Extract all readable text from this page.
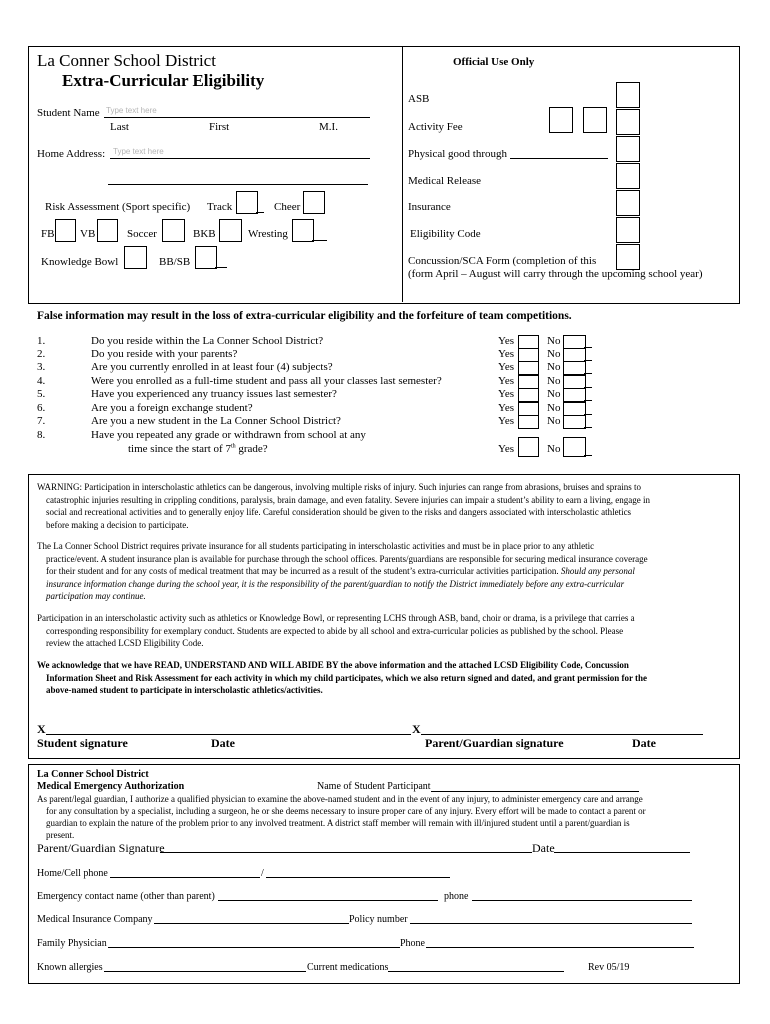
La Conner School District
Extra-Curricular Eligibility
Student Name Type text here
Last	First	M.I.
Home Address: Type text here
Risk Assessment (Sport specific) Track	Cheer
FB VB	Soccer	BKB	Wresting
Knowledge Bowl	BB/SB
Official Use Only
ASB
Activity Fee
Physical good through
Medical Release
Insurance
Eligibility Code
Concussion/SCA Form (completion of this
(form April – August will carry through the upcoming school year)
False information may result in the loss of extra-curricular eligibility and the forfeiture of team competitions.
1.	Do you reside within the La Conner School District?	Yes	No
2.	Do you reside with your parents?	Yes	No
3.	Are you currently enrolled in at least four (4) subjects?	Yes	No
4.	Were you enrolled as a full-time student and pass all your classes last semester?	Yes	No
5.	Have you experienced any truancy issues last semester?	Yes	No
6.	Are you a foreign exchange student?	Yes	No
7.	Are you a new student in the La Conner School District?	Yes	No
8.	Have you repeated any grade or withdrawn from school at any
time since the start of 7th grade?	Yes	No
WARNING: Participation in interscholastic athletics can be dangerous, involving multiple risks of injury. Such injuries can range from abrasions, bruises and sprains to
catastrophic injuries resulting in crippling conditions, paralysis, brain damage, and even fatality. Severe injuries can impair a student’s ability to earn a living, engage in
social and recreational activities and to generally enjoy life. Careful consideration should be given to the risks and dangers associated with interscholastic athletics
before making a decision to participate.
The La Conner School District requires private insurance for all students participating in interscholastic activities and must be in place prior to any athletic
practice/event. A student insurance plan is available for purchase through the school offices. Parents/guardians are responsible for securing medical insurance coverage
for their student and for any costs of medical treatment that may be incurred as a result of the student’s extra-curricular activities participation. Should any personal
insurance information change during the school year, it is the responsibility of the parent/guardian to notify the District immediately before any extra-curricular
participation may continue.
Participation in an interscholastic activity such as athletics or Knowledge Bowl, or representing LCHS through ASB, band, choir or drama, is a privilege that carries a
corresponding responsibility for exemplary conduct. Students are expected to abide by all school and extra-curricular policies as published by the school. Please
review the attached LCSD Eligibility Code.
We acknowledge that we have READ, UNDERSTAND AND WILL ABIDE BY the above information and the attached LCSD Eligibility Code, Concussion
Information Sheet and Risk Assessment for each activity in which my child participates, which we also return signed and dated, and grant permission for the
above-named student to participate in interscholastic athletics/activities.
X	X
Student signature	Date	Parent/Guardian signature	Date
La Conner School District
Medical Emergency Authorization	Name of Student Participant
As parent/legal guardian, I authorize a qualified physician to examine the above-named student and in the event of any injury, to administer emergency care and arrange
for any consultation by a specialist, including a surgeon, he or she deems necessary to insure proper care of any injury. Every effort will be made to contact a parent or
guardian to explain the nature of the problem prior to any involved treatment. A district staff member will remain with ill/injured student until a parent/guardian is
present.
Parent/Guardian Signature	Date
Home/Cell phone	/
Emergency contact name (other than parent)	phone
Medical Insurance Company	Policy number
Family Physician	Phone
Known allergies	Current medications	Rev 05/19
